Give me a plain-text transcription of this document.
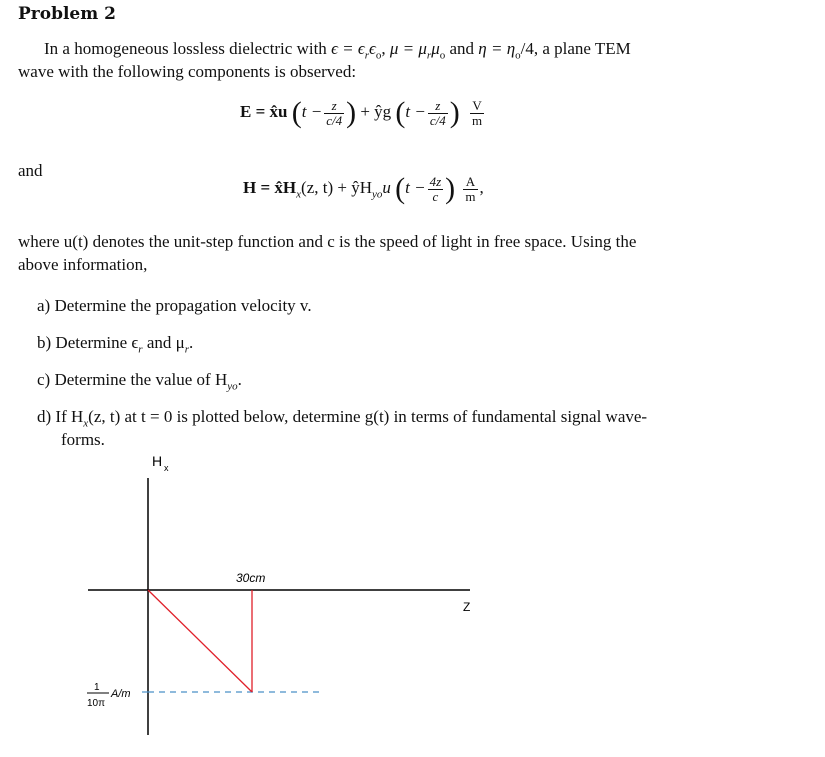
Problem 2
In a homogeneous lossless dielectric with $\epsilon = \epsilon_r\epsilon_o$, $\mu = \mu_r\mu_o$ and $\eta = \eta_o/4$, a plane TEM
wave with the following components is observed:
E = x̂u ($t - \frac{z}{c/4}$ ) + ŷg ($t - \frac{z}{c/4}$ ) $\frac{V}{m}$
and
$H = x̂H_x(z$, $t) + ŷH_{yo}u$ ($t - \frac{4z}{c}$ ) $\frac{A}{m}$ ,
where u(t) denotes the unit-step function and c is the speed of light in free space. Using the
above information,
a) Determine the propagation velocity v.
b) Determine $\epsilon_r$ and $\mu_r$.
c) Determine the value of $H_{yo}$.
d) If $H_x(z$, t) at t = 0 is plotted below, determine g(t) in terms of fundamental signal wave-
forms.
H x
Z
30cm
1
10π
A/m
